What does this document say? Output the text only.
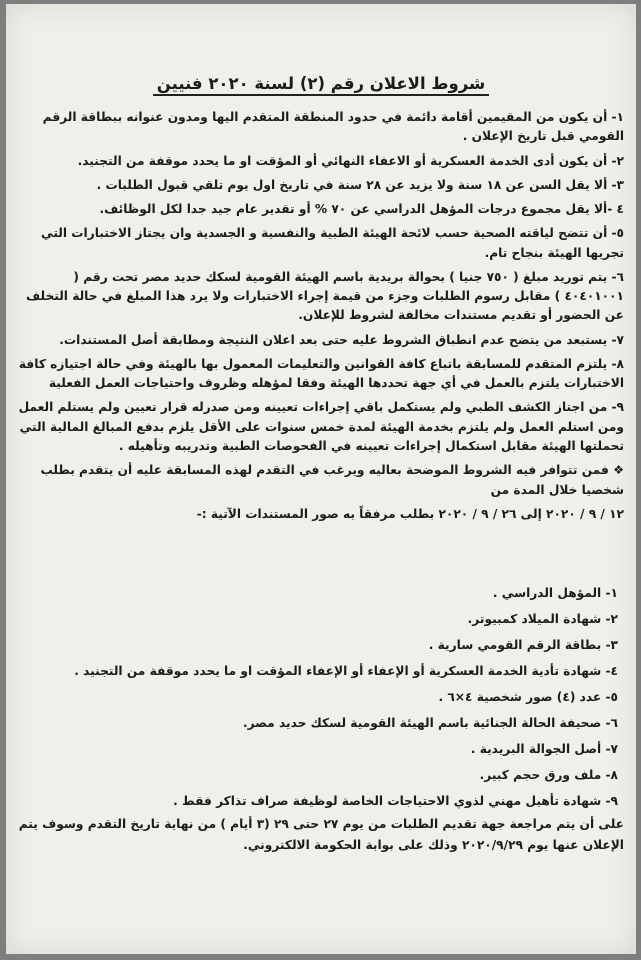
شروط الاعلان رقم (٢) لسنة ٢٠٢٠ فنيين

١- أن يكون من المقيمين أقامة دائمة في حدود المنطقة المتقدم اليها ومدون عنوانه ببطاقة الرقم القومي قبل تاريخ الإعلان .

٢- أن يكون أدى الخدمة العسكرية أو الاعفاء النهائي أو المؤقت او ما يحدد موقفة من التجنيد.

٣- ألا يقل السن عن ١٨ سنة ولا يزيد عن ٢٨ سنة في تاريخ اول يوم تلقي قبول الطلبات .

٤ -ألا يقل مجموع درجات المؤهل الدراسي عن ٧٠ % أو تقدير عام جيد جدا لكل الوظائف.

٥- أن تتضح لياقته الصحية حسب لائحة الهيئة الطبية والنفسية و الجسدية وان يجتاز الاختبارات التي تجريها الهيئة بنجاح تام.

٦- يتم توريد مبلغ ( ٧٥٠ جنيا ) بحوالة بريدية باسم الهيئة القومية لسكك حديد مصر تحت رقم ( ٤٠٤٠١٠٠١ ) مقابل رسوم الطلبات وجزء من قيمة إجراء الاختبارات ولا يرد هذا المبلغ في حالة التخلف عن الحضور أو تقديم مستندات مخالفة لشروط للإعلان.

٧- يستبعد من يتضح عدم انطباق الشروط عليه حتى بعد اعلان النتيجة ومطابقة أصل المستندات.

٨- يلتزم المتقدم للمسابقة باتباع كافة القوانين والتعليمات المعمول بها بالهيئة وفي حالة اجتيازه كافة الاختبارات يلتزم بالعمل في أي جهة تحددها الهيئة وفقا لمؤهله وظروف واحتياجات العمل الفعلية

٩- من اجتاز الكشف الطبي ولم يستكمل باقي إجراءات تعيينه ومن صدرله قرار تعيين ولم يستلم العمل ومن استلم العمل ولم يلتزم بخدمة الهيئة لمدة خمس سنوات على الأقل يلزم بدفع المبالغ المالية التي تحملتها الهيئة مقابل استكمال إجراءات تعيينه في الفحوصات الطبية وتدريبه وتأهيله .

❖ فمن تتوافر فيه الشروط الموضحة بعاليه ويرغب في التقدم لهذه المسابقة عليه أن يتقدم بطلب شخصيا خلال المدة من

١٢ / ٩ / ٢٠٢٠ إلى ٢٦ / ٩ / ٢٠٢٠ بطلب مرفقاً به صور المستندات الآتية :-

١- المؤهل الدراسي .
٢- شهادة الميلاد كمبيوتر.
٣- بطاقة الرقم القومي سارية .
٤- شهادة تأدية الخدمة العسكرية أو الإعفاء أو الإعفاء المؤقت او ما يحدد موقفة من التجنيد .
٥- عدد (٤) صور شخصية ٤×٦ .
٦- صحيفة الحالة الجنائية باسم الهيئة القومية لسكك حديد مصر.
٧- أصل الجوالة البريدية .
٨- ملف ورق حجم كبير.
٩- شهادة تأهيل مهني لذوي الاحتياجات الخاصة لوظيفة صراف تذاكر فقط .

على أن يتم مراجعة جهة تقديم الطلبات من يوم ٢٧ حتى ٢٩ (٣ أيام ) من نهاية تاريخ التقدم وسوف يتم الإعلان عنها يوم ٢٠٢٠/٩/٢٩ وذلك على بوابة الحكومة الالكتروني.
